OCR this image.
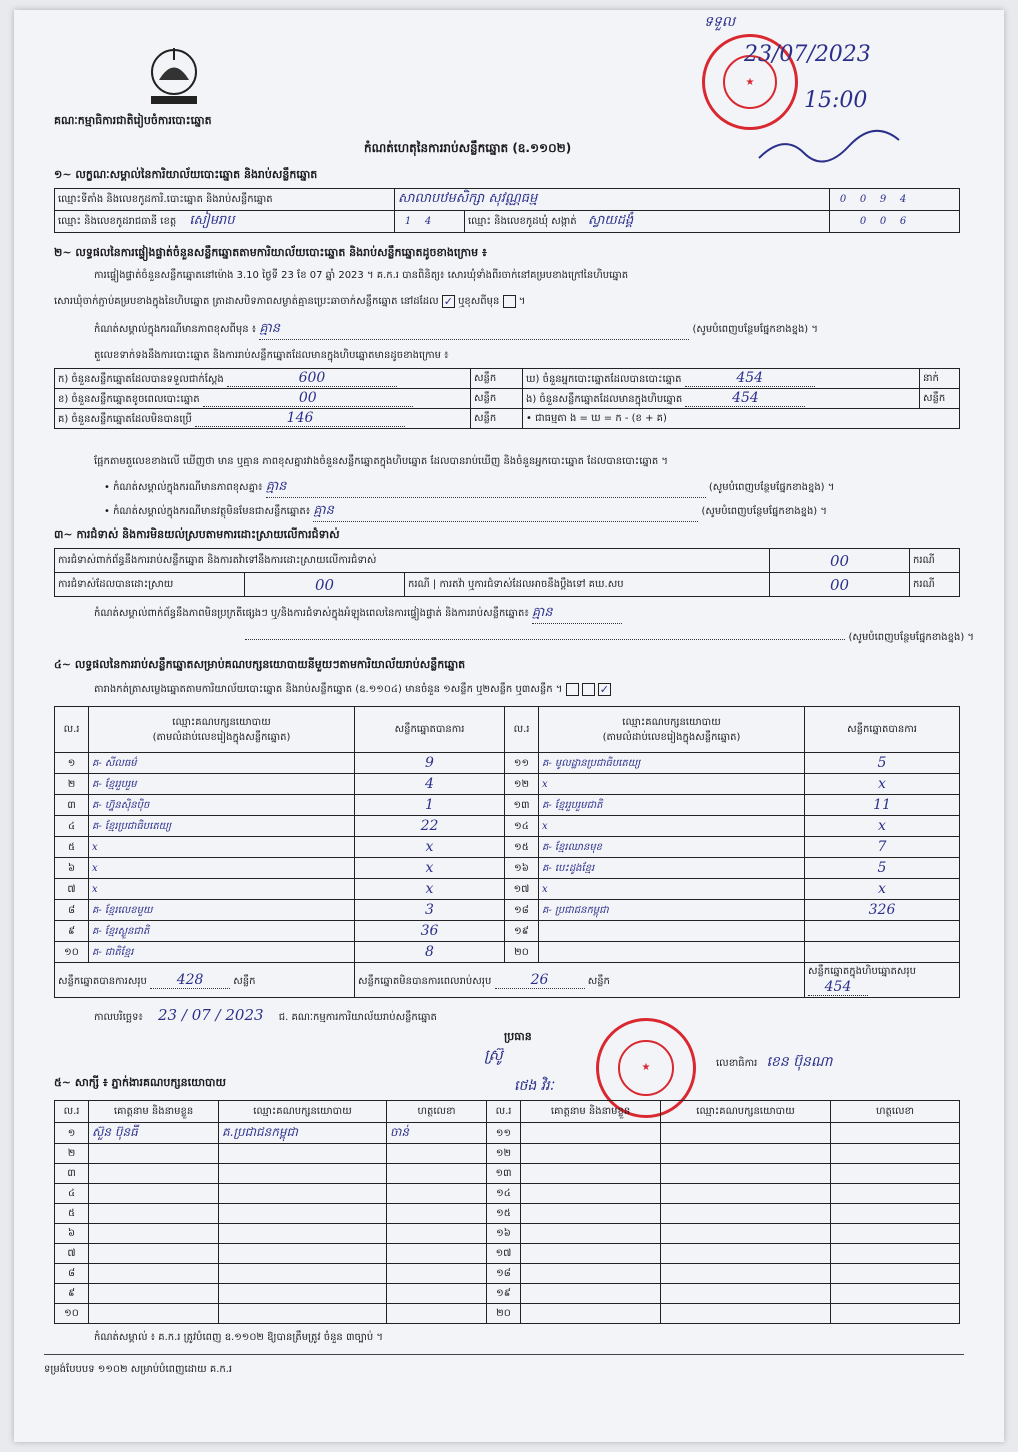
គណៈកម្មាធិការជាតិរៀបចំការបោះឆ្នោត
★
ទទួល
23/07/2023
15:00
កំណត់ហេតុនៃការរាប់សន្លឹកឆ្នោត (ឧ.១១០២)
១~ លក្ខណៈសម្គាល់នៃការិយាល័យបោះឆ្នោត និងរាប់សន្លឹកឆ្នោត
ឈ្មោះទីតាំង និងលេខកូដការិ.បោះឆ្នោត និងរាប់សន្លឹកឆ្នោត	សាលាបឋមសិក្សា សុវណ្ណធម្ម		0 0 9 4
ឈ្មោះ និងលេខកូដរាជធានី ខេត្ត សៀមរាប	1 4	ឈ្មោះ និងលេខកូដឃុំ សង្កាត់ ស្វាយដង្គំ	0 0 6
២~ លទ្ធផលនៃការផ្ទៀងផ្ទាត់ចំនួនសន្លឹកឆ្នោតតាមការិយាល័យបោះឆ្នោត និងរាប់សន្លឹកឆ្នោតដូចខាងក្រោម ៖
ការផ្ទៀងផ្ទាត់ចំនួនសន្លឹកឆ្នោតនៅម៉ោង 3.10 ថ្ងៃទី 23 ខែ 07 ឆ្នាំ 2023 ។ គ.ក.រ បានពិនិត្យ៖ សោរឃុំទាំងពីរចាក់នៅគម្របខាងក្រៅនៃហិបឆ្នោត
សោរឃុំចាក់ភ្ជាប់គម្របខាងក្នុងនៃហិបឆ្នោត ត្រាដាសបិទភាពសម្ងាត់គ្មានប្រេះឆាចាក់សន្លឹកឆ្នោត នៅដដែល ✓ ឬខុសពីមុន  ។
កំណត់សម្គាល់ក្នុងករណីមានភាពខុសពីមុន ៖ គ្មាន	(សូមបំពេញបន្ថែមផ្នែកខាងខ្នង) ។
តួលេខទាក់ទងនឹងការបោះឆ្នោត និងការរាប់សន្លឹកឆ្នោតដែលមានក្នុងហិបឆ្នោតមានដូចខាងក្រោម ៖
ក) ចំនួនសន្លឹកឆ្នោតដែលបានទទួលជាក់ស្តែង 600	សន្លឹក	ឃ) ចំនួនអ្នកបោះឆ្នោតដែលបានបោះឆ្នោត 454	នាក់
ខ) ចំនួនសន្លឹកឆ្នោតខូចពេលបោះឆ្នោត 00	សន្លឹក	ង) ចំនួនសន្លឹកឆ្នោតដែលមានក្នុងហិបឆ្នោត 454	សន្លឹក
គ) ចំនួនសន្លឹកឆ្នោតដែលមិនបានប្រើ 146	សន្លឹក	• ជាធម្មតា ង = ឃ = ក - (ខ + គ)	
ផ្អែកតាមតួលេខខាងលើ ឃើញថា មាន ឬគ្មាន ភាពខុសគ្នារវាងចំនួនសន្លឹកឆ្នោតក្នុងហិបឆ្នោត ដែលបានរាប់ឃើញ និងចំនួនអ្នកបោះឆ្នោត ដែលបានបោះឆ្នោត ។
• កំណត់សម្គាល់ក្នុងករណីមានភាពខុសគ្នា៖ គ្មាន	(សូមបំពេញបន្ថែមផ្នែកខាងខ្នង) ។
• កំណត់សម្គាល់ក្នុងករណីមានវត្ថុមិនមែនជាសន្លឹកឆ្នោត៖ គ្មាន	(សូមបំពេញបន្ថែមផ្នែកខាងខ្នង) ។
៣~ ការជំទាស់ និងការមិនយល់ស្របតាមការដោះស្រាយលើការជំទាស់
ការជំទាស់ពាក់ព័ន្ធនឹងការរាប់សន្លឹកឆ្នោត និងការតវ៉ាទៅនឹងការដោះស្រាយលើការជំទាស់			00	ករណី
ការជំទាស់ដែលបានដោះស្រាយ	00	ករណី | ការតវ៉ា ឬការជំទាស់ដែលអាចនឹងប្តឹងទៅ គឃ.សប	00	ករណី
កំណត់សម្គាល់ពាក់ព័ន្ធនឹងភាពមិនប្រក្រតីផ្សេងៗ ឬ/និងការជំទាស់ក្នុងអំឡុងពេលនៃការផ្ទៀងផ្ទាត់ និងការរាប់សន្លឹកឆ្នោត៖ គ្មាន
(សូមបំពេញបន្ថែមផ្នែកខាងខ្នង) ។
៤~ លទ្ធផលនៃការរាប់សន្លឹកឆ្នោតសម្រាប់គណបក្សនយោបាយនីមួយៗតាមការិយាល័យរាប់សន្លឹកឆ្នោត
តារាងកត់ត្រាសម្លេងឆ្នោតតាមការិយាល័យបោះឆ្នោត និងរាប់សន្លឹកឆ្នោត (ឧ.១១០៤) មានចំនួន ១សន្លឹក ឬ២សន្លឹក ឬ៣សន្លឹក ។	✓
ល.រ	ឈ្មោះគណបក្សនយោបាយ
(តាមលំដាប់លេខរៀងក្នុងសន្លឹកឆ្នោត)	សន្លឹកឆ្នោតបានការ	ល.រ	ឈ្មោះគណបក្សនយោបាយ
(តាមលំដាប់លេខរៀងក្នុងសន្លឹកឆ្នោត)	សន្លឹកឆ្នោតបានការ
១	គ- សីលធម៌	9	១១	គ- មូលដ្ឋានប្រជាធិបតេយ្យ	5
២	គ- ខ្មែររួបរួម	4	១២	x	x
៣	គ- ហ្វ៊ុនស៊ិនប៉ិច	1	១៣	គ- ខ្មែររួបរួមជាតិ	11
៤	គ- ខ្មែរប្រជាធិបតេយ្យ	22	១៤	x	x
៥	x	x	១៥	គ- ខ្មែរឈានមុខ	7
៦	x	x	១៦	គ- បេះដូងខ្មែរ	5
៧	x	x	១៧	x	x
៨	គ- ខ្មែរលេខមួយ	3	១៨	គ- ប្រជាជនកម្ពុជា	326
៩	គ- ខ្មែរស្ងួនជាតិ	36	១៩		
១០	គ- ជាតិខ្មែរ	8	២០		
សន្លឹកឆ្នោតបានការសរុប 428 សន្លឹក		សន្លឹកឆ្នោតមិនបានការពេលរាប់សរុប 26 សន្លឹក			សន្លឹកឆ្នោតក្នុងហិបឆ្នោតសរុប 454
កាលបរិច្ឆេទ៖ 23 / 07 / 2023 ជ. គណៈកម្មការការិយាល័យរាប់សន្លឹកឆ្នោត
ប្រធាន
ស្រ៊ូ
ថេង វិរៈ
★	លេខាធិការ ខេន ប៊ុនណា
៥~ សាក្សី ៖ ភ្នាក់ងារគណបក្សនយោបាយ
ល.រ	គោត្តនាម និងនាមខ្លួន	ឈ្មោះគណបក្សនយោបាយ	ហត្ថលេខា	ល.រ	គោត្តនាម និងនាមខ្លួន	ឈ្មោះគណបក្សនយោបាយ	ហត្ថលេខា
១	ស៊ួន ប៊ុនធី	គ.ប្រជាជនកម្ពុជា	ចាន់	១១			
២				១២			
៣				១៣			
៤				១៤			
៥				១៥			
៦				១៦			
៧				១៧			
៨				១៨			
៩				១៩			
១០				២០			
កំណត់សម្គាល់ ៖ គ.ក.រ ត្រូវបំពេញ ឧ.១១០២ ឱ្យបានត្រឹមត្រូវ ចំនួន ៣ច្បាប់ ។
ទម្រង់បែបបទ ១១០២ សម្រាប់បំពេញដោយ គ.ក.រ
